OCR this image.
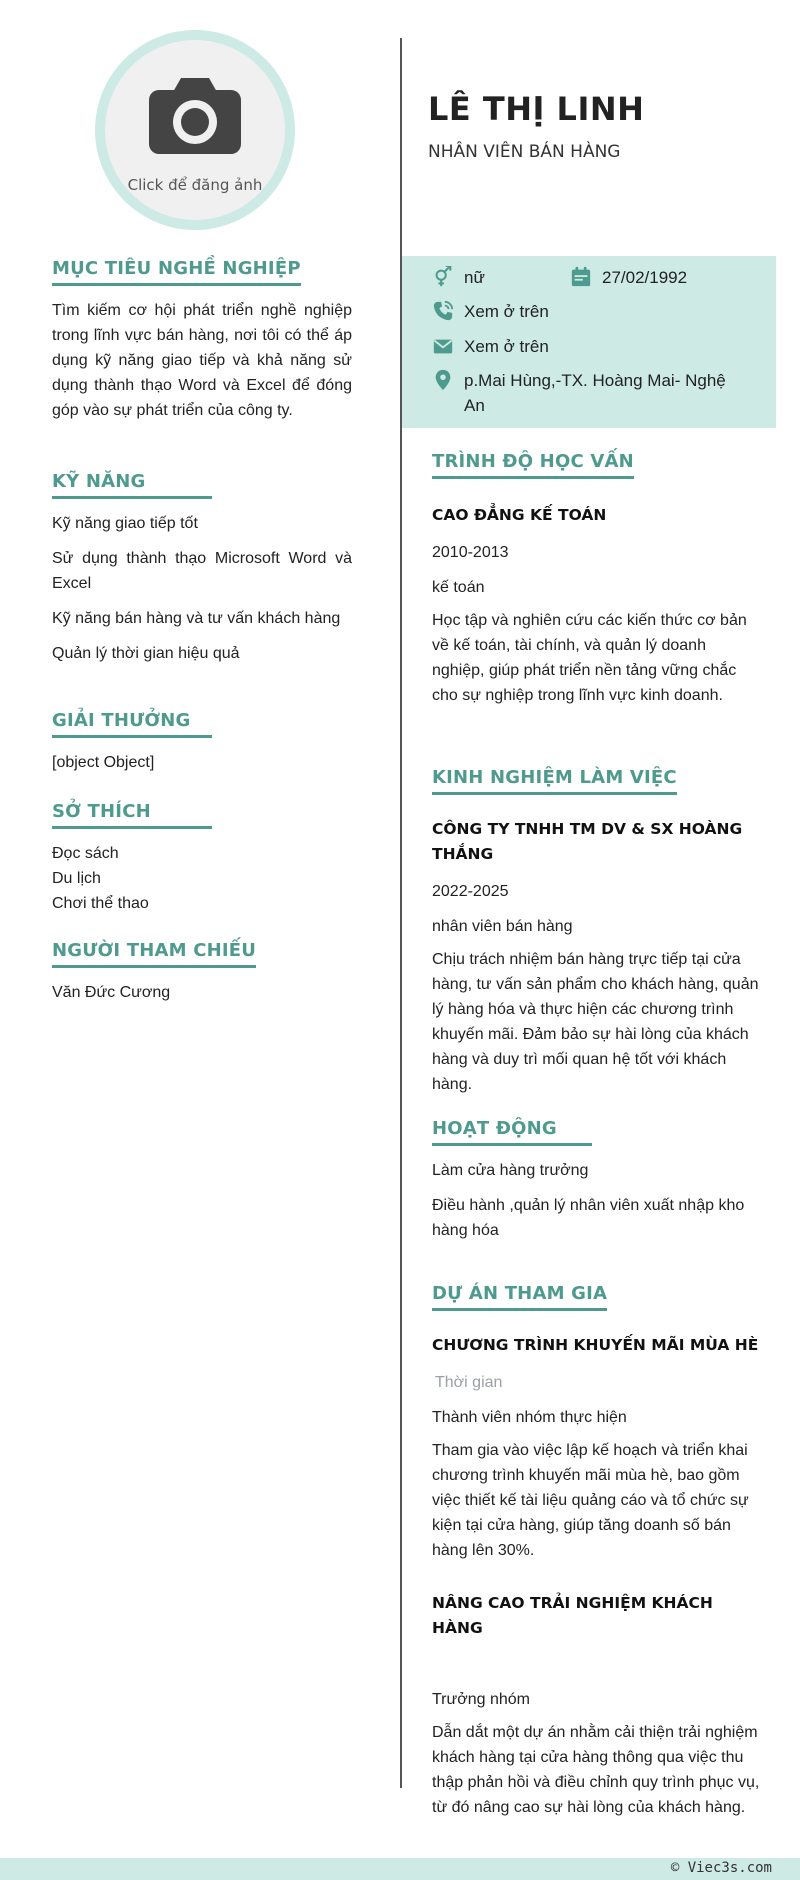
Click để đăng ảnh
MỤC TIÊU NGHỀ NGHIỆP
Tìm kiếm cơ hội phát triển nghề nghiệp trong lĩnh vực bán hàng, nơi tôi có thể áp dụng kỹ năng giao tiếp và khả năng sử dụng thành thạo Word và Excel để đóng góp vào sự phát triển của công ty.
KỸ NĂNG
Kỹ năng giao tiếp tốt
Sử dụng thành thạo Microsoft Word và Excel
Kỹ năng bán hàng và tư vấn khách hàng
Quản lý thời gian hiệu quả
GIẢI THƯỞNG
[object Object]
SỞ THÍCH
Đọc sách
Du lịch
Chơi thể thao
NGƯỜI THAM CHIẾU
Văn Đức Cương
LÊ THỊ LINH
NHÂN VIÊN BÁN HÀNG
nữ	27/02/1992
Xem ở trên
Xem ở trên
p.Mai Hùng,-TX. Hoàng Mai- Nghệ An
TRÌNH ĐỘ HỌC VẤN
CAO ĐẲNG KẾ TOÁN
2010-2013
kế toán
Học tập và nghiên cứu các kiến thức cơ bản về kế toán, tài chính, và quản lý doanh nghiệp, giúp phát triển nền tảng vững chắc cho sự nghiệp trong lĩnh vực kinh doanh.
KINH NGHIỆM LÀM VIỆC
CÔNG TY TNHH TM DV & SX HOÀNG THẮNG
2022-2025
nhân viên bán hàng
Chịu trách nhiệm bán hàng trực tiếp tại cửa hàng, tư vấn sản phẩm cho khách hàng, quản lý hàng hóa và thực hiện các chương trình khuyến mãi. Đảm bảo sự hài lòng của khách hàng và duy trì mối quan hệ tốt với khách hàng.
HOẠT ĐỘNG
Làm cửa hàng trưởng
Điều hành ,quản lý nhân viên xuất nhập kho hàng hóa
DỰ ÁN THAM GIA
CHƯƠNG TRÌNH KHUYẾN MÃI MÙA HÈ
Thời gian
Thành viên nhóm thực hiện
Tham gia vào việc lập kế hoạch và triển khai chương trình khuyến mãi mùa hè, bao gồm việc thiết kế tài liệu quảng cáo và tổ chức sự kiện tại cửa hàng, giúp tăng doanh số bán hàng lên 30%.
NÂNG CAO TRẢI NGHIỆM KHÁCH HÀNG
Trưởng nhóm
Dẫn dắt một dự án nhằm cải thiện trải nghiệm khách hàng tại cửa hàng thông qua việc thu thập phản hồi và điều chỉnh quy trình phục vụ, từ đó nâng cao sự hài lòng của khách hàng.
© Viec3s.com
